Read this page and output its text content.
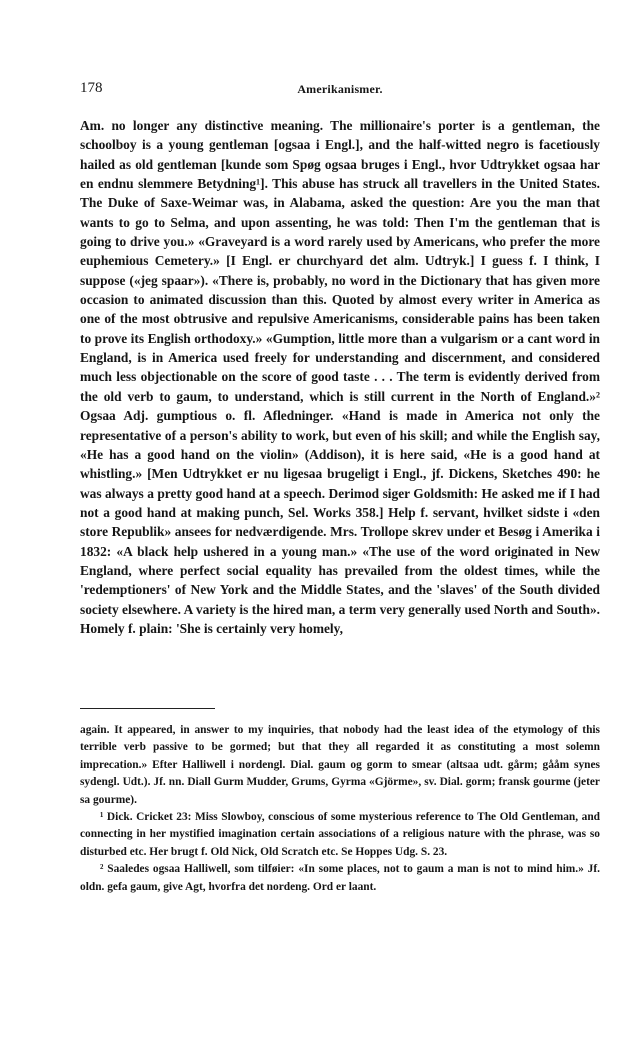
178	Amerikanismer.

Am. no longer any distinctive meaning. The millionaire's porter is a gentleman, the schoolboy is a young gentleman [ogsaa i Engl.], and the half-witted negro is facetiously hailed as old gentleman [kunde som Spøg ogsaa bruges i Engl., hvor Udtrykket ogsaa har en endnu slemmere Betydning¹]. This abuse has struck all travellers in the United States. The Duke of Saxe-Weimar was, in Alabama, asked the question: Are you the man that wants to go to Selma, and upon assenting, he was told: Then I'm the gentleman that is going to drive you.» «Graveyard is a word rarely used by Americans, who prefer the more euphemious Cemetery.» [I Engl. er churchyard det alm. Udtryk.] I guess f. I think, I suppose («jeg spaar»). «There is, probably, no word in the Dictionary that has given more occasion to animated discussion than this. Quoted by almost every writer in America as one of the most obtrusive and repulsive Americanisms, considerable pains has been taken to prove its English orthodoxy.» «Gumption, little more than a vulgarism or a cant word in England, is in America used freely for understanding and discernment, and considered much less objectionable on the score of good taste . . . The term is evidently derived from the old verb to gaum, to understand, which is still current in the North of England.»² Ogsaa Adj. gumptious o. fl. Afledninger. «Hand is made in America not only the representative of a person's ability to work, but even of his skill; and while the English say, «He has a good hand on the violin» (Addison), it is here said, «He is a good hand at whistling.» [Men Udtrykket er nu ligesaa brugeligt i Engl., jf. Dickens, Sketches 490: he was always a pretty good hand at a speech. Derimod siger Goldsmith: He asked me if I had not a good hand at making punch, Sel. Works 358.] Help f. servant, hvilket sidste i «den store Republik» ansees for nedværdigende. Mrs. Trollope skrev under et Besøg i Amerika i 1832: «A black help ushered in a young man.» «The use of the word originated in New England, where perfect social equality has prevailed from the oldest times, while the 'redemptioners' of New York and the Middle States, and the 'slaves' of the South divided society elsewhere. A variety is the hired man, a term very generally used North and South». Homely f. plain: 'She is certainly very homely,

again. It appeared, in answer to my inquiries, that nobody had the least idea of the etymology of this terrible verb passive to be gormed; but that they all regarded it as constituting a most solemn imprecation.» Efter Halliwell i nordengl. Dial. gaum og gorm to smear (altsaa udt. gårm; gååm synes sydengl. Udt.). Jf. nn. Diall Gurm Mudder, Grums, Gyrma «Gjörme», sv. Dial. gorm; fransk gourme (jeter sa gourme).

¹ Dick. Cricket 23: Miss Slowboy, conscious of some mysterious reference to The Old Gentleman, and connecting in her mystified imagination certain associations of a religious nature with the phrase, was so disturbed etc. Her brugt f. Old Nick, Old Scratch etc. Se Hoppes Udg. S. 23.

² Saaledes ogsaa Halliwell, som tilføier: «In some places, not to gaum a man is not to mind him.» Jf. oldn. gefa gaum, give Agt, hvorfra det nordeng. Ord er laant.
